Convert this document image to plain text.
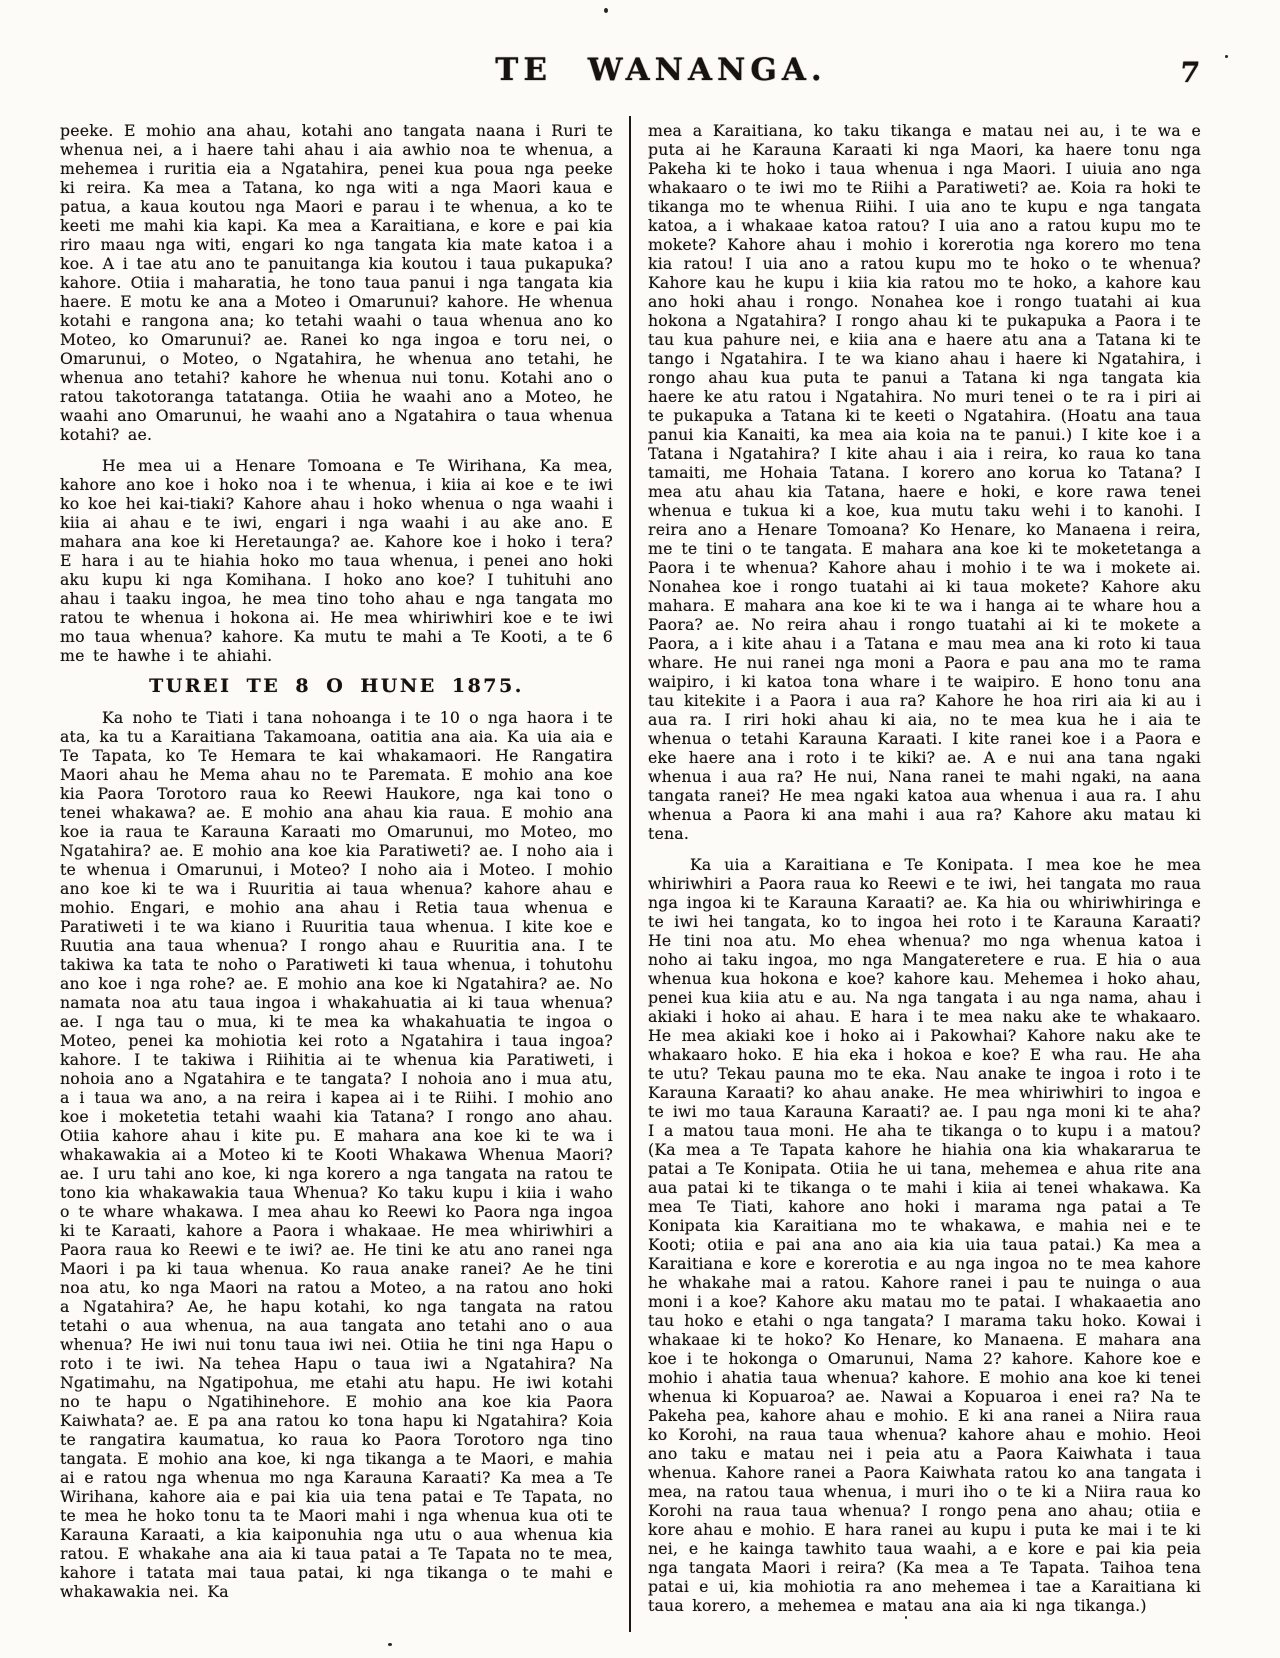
TE WANANGA.	7

peeke. E mohio ana ahau, kotahi ano tangata naana i Ruri te whenua nei, a i haere tahi ahau i aia awhio noa te whenua, a mehemea i ruritia eia a Ngatahira, penei kua poua nga peeke ki reira. Ka mea a Tatana, ko nga witi a nga Maori kaua e patua, a kaua koutou nga Maori e parau i te whenua, a ko te keeti me mahi kia kapi. Ka mea a Karaitiana, e kore e pai kia riro maau nga witi, engari ko nga tangata kia mate katoa i a koe. A i tae atu ano te panuitanga kia koutou i taua pukapuka? kahore. Otiia i maharatia, he tono taua panui i nga tangata kia haere. E motu ke ana a Moteo i Omarunui? kahore. He whenua kotahi e rangona ana; ko tetahi waahi o taua whenua ano ko Moteo, ko Omarunui? ae. Ranei ko nga ingoa e toru nei, o Omarunui, o Moteo, o Ngatahira, he whenua ano tetahi, he whenua ano tetahi? kahore he whenua nui tonu. Kotahi ano o ratou takotoranga tatatanga. Otiia he waahi ano a Moteo, he waahi ano Omarunui, he waahi ano a Ngatahira o taua whenua kotahi? ae.

He mea ui a Henare Tomoana e Te Wirihana, Ka mea, kahore ano koe i hoko noa i te whenua, i kiia ai koe e te iwi ko koe hei kai-tiaki? Kahore ahau i hoko whenua o nga waahi i kiia ai ahau e te iwi, engari i nga waahi i au ake ano. E mahara ana koe ki Heretaunga? ae. Kahore koe i hoko i tera? E hara i au te hiahia hoko mo taua whenua, i penei ano hoki aku kupu ki nga Komihana. I hoko ano koe? I tuhituhi ano ahau i taaku ingoa, he mea tino toho ahau e nga tangata mo ratou te whenua i hokona ai. He mea whiriwhiri koe e te iwi mo taua whenua? kahore. Ka mutu te mahi a Te Kooti, a te 6 me te hawhe i te ahiahi.

TUREI TE 8 O HUNE 1875.

Ka noho te Tiati i tana nohoanga i te 10 o nga haora i te ata, ka tu a Karaitiana Takamoana, oatitia ana aia. Ka uia aia e Te Tapata, ko Te Hemara te kai whakamaori. He Rangatira Maori ahau he Mema ahau no te Paremata. E mohio ana koe kia Paora Torotoro raua ko Reewi Haukore, nga kai tono o tenei whakawa? ae. E mohio ana ahau kia raua. E mohio ana koe ia raua te Karauna Karaati mo Omarunui, mo Moteo, mo Ngatahira? ae. E mohio ana koe kia Paratiweti? ae. I noho aia i te whenua i Omarunui, i Moteo? I noho aia i Moteo. I mohio ano koe ki te wa i Ruuritia ai taua whenua? kahore ahau e mohio. Engari, e mohio ana ahau i Retia taua whenua e Paratiweti i te wa kiano i Ruuritia taua whenua. I kite koe e Ruutia ana taua whenua? I rongo ahau e Ruuritia ana. I te takiwa ka tata te noho o Paratiweti ki taua whenua, i tohutohu ano koe i nga rohe? ae. E mohio ana koe ki Ngatahira? ae. No namata noa atu taua ingoa i whakahuatia ai ki taua whenua? ae. I nga tau o mua, ki te mea ka whakahuatia te ingoa o Moteo, penei ka mohiotia kei roto a Ngatahira i taua ingoa? kahore. I te takiwa i Riihitia ai te whenua kia Paratiweti, i nohoia ano a Ngatahira e te tangata? I nohoia ano i mua atu, a i taua wa ano, a na reira i kapea ai i te Riihi. I mohio ano koe i moketetia tetahi waahi kia Tatana? I rongo ano ahau. Otiia kahore ahau i kite pu. E mahara ana koe ki te wa i whakawakia ai a Moteo ki te Kooti Whakawa Whenua Maori? ae. I uru tahi ano koe, ki nga korero a nga tangata na ratou te tono kia whakawakia taua Whenua? Ko taku kupu i kiia i waho o te whare whakawa. I mea ahau ko Reewi ko Paora nga ingoa ki te Karaati, kahore a Paora i whakaae. He mea whiriwhiri a Paora raua ko Reewi e te iwi? ae. He tini ke atu ano ranei nga Maori i pa ki taua whenua. Ko raua anake ranei? Ae he tini noa atu, ko nga Maori na ratou a Moteo, a na ratou ano hoki a Ngatahira? Ae, he hapu kotahi, ko nga tangata na ratou tetahi o aua whenua, na aua tangata ano tetahi ano o aua whenua? He iwi nui tonu taua iwi nei. Otiia he tini nga Hapu o roto i te iwi. Na tehea Hapu o taua iwi a Ngatahira? Na Ngatimahu, na Ngatipohua, me etahi atu hapu. He iwi kotahi no te hapu o Ngatihinehore. E mohio ana koe kia Paora Kaiwhata? ae. E pa ana ratou ko tona hapu ki Ngatahira? Koia te rangatira kaumatua, ko raua ko Paora Torotoro nga tino tangata. E mohio ana koe, ki nga tikanga a te Maori, e mahia ai e ratou nga whenua mo nga Karauna Karaati? Ka mea a Te Wirihana, kahore aia e pai kia uia tena patai e Te Tapata, no te mea he hoko tonu ta te Maori mahi i nga whenua kua oti te Karauna Karaati, a kia kaiponuhia nga utu o aua whenua kia ratou. E whakahe ana aia ki taua patai a Te Tapata no te mea, kahore i tatata mai taua patai, ki nga tikanga o te mahi e whakawakia nei. Ka

mea a Karaitiana, ko taku tikanga e matau nei au, i te wa e puta ai he Karauna Karaati ki nga Maori, ka haere tonu nga Pakeha ki te hoko i taua whenua i nga Maori. I uiuia ano nga whakaaro o te iwi mo te Riihi a Paratiweti? ae. Koia ra hoki te tikanga mo te whenua Riihi. I uia ano te kupu e nga tangata katoa, a i whakaae katoa ratou? I uia ano a ratou kupu mo te mokete? Kahore ahau i mohio i korerotia nga korero mo tena kia ratou! I uia ano a ratou kupu mo te hoko o te whenua? Kahore kau he kupu i kiia kia ratou mo te hoko, a kahore kau ano hoki ahau i rongo. Nonahea koe i rongo tuatahi ai kua hokona a Ngatahira? I rongo ahau ki te pukapuka a Paora i te tau kua pahure nei, e kiia ana e haere atu ana a Tatana ki te tango i Ngatahira. I te wa kiano ahau i haere ki Ngatahira, i rongo ahau kua puta te panui a Tatana ki nga tangata kia haere ke atu ratou i Ngatahira. No muri tenei o te ra i piri ai te pukapuka a Tatana ki te keeti o Ngatahira. (Hoatu ana taua panui kia Kanaiti, ka mea aia koia na te panui.) I kite koe i a Tatana i Ngatahira? I kite ahau i aia i reira, ko raua ko tana tamaiti, me Hohaia Tatana. I korero ano korua ko Tatana? I mea atu ahau kia Tatana, haere e hoki, e kore rawa tenei whenua e tukua ki a koe, kua mutu taku wehi i to kanohi. I reira ano a Henare Tomoana? Ko Henare, ko Manaena i reira, me te tini o te tangata. E mahara ana koe ki te moketetanga a Paora i te whenua? Kahore ahau i mohio i te wa i mokete ai. Nonahea koe i rongo tuatahi ai ki taua mokete? Kahore aku mahara. E mahara ana koe ki te wa i hanga ai te whare hou a Paora? ae. No reira ahau i rongo tuatahi ai ki te mokete a Paora, a i kite ahau i a Tatana e mau mea ana ki roto ki taua whare. He nui ranei nga moni a Paora e pau ana mo te rama waipiro, i ki katoa tona whare i te waipiro. E hono tonu ana tau kitekite i a Paora i aua ra? Kahore he hoa riri aia ki au i aua ra. I riri hoki ahau ki aia, no te mea kua he i aia te whenua o tetahi Karauna Karaati. I kite ranei koe i a Paora e eke haere ana i roto i te kiki? ae. A e nui ana tana ngaki whenua i aua ra? He nui, Nana ranei te mahi ngaki, na aana tangata ranei? He mea ngaki katoa aua whenua i aua ra. I ahu whenua a Paora ki ana mahi i aua ra? Kahore aku matau ki tena.

Ka uia a Karaitiana e Te Konipata. I mea koe he mea whiriwhiri a Paora raua ko Reewi e te iwi, hei tangata mo raua nga ingoa ki te Karauna Karaati? ae. Ka hia ou whiriwhiringa e te iwi hei tangata, ko to ingoa hei roto i te Karauna Karaati? He tini noa atu. Mo ehea whenua? mo nga whenua katoa i noho ai taku ingoa, mo nga Mangateretere e rua. E hia o aua whenua kua hokona e koe? kahore kau. Mehemea i hoko ahau, penei kua kiia atu e au. Na nga tangata i au nga nama, ahau i akiaki i hoko ai ahau. E hara i te mea naku ake te whakaaro. He mea akiaki koe i hoko ai i Pakowhai? Kahore naku ake te whakaaro hoko. E hia eka i hokoa e koe? E wha rau. He aha te utu? Tekau pauna mo te eka. Nau anake te ingoa i roto i te Karauna Karaati? ko ahau anake. He mea whiriwhiri to ingoa e te iwi mo taua Karauna Karaati? ae. I pau nga moni ki te aha? I a matou taua moni. He aha te tikanga o to kupu i a matou? (Ka mea a Te Tapata kahore he hiahia ona kia whakararua te patai a Te Konipata. Otiia he ui tana, mehemea e ahua rite ana aua patai ki te tikanga o te mahi i kiia ai tenei whakawa. Ka mea Te Tiati, kahore ano hoki i marama nga patai a Te Konipata kia Karaitiana mo te whakawa, e mahia nei e te Kooti; otiia e pai ana ano aia kia uia taua patai.) Ka mea a Karaitiana e kore e korerotia e au nga ingoa no te mea kahore he whakahe mai a ratou. Kahore ranei i pau te nuinga o aua moni i a koe? Kahore aku matau mo te patai. I whakaaetia ano tau hoko e etahi o nga tangata? I marama taku hoko. Kowai i whakaae ki te hoko? Ko Henare, ko Manaena. E mahara ana koe i te hokonga o Omarunui, Nama 2? kahore. Kahore koe e mohio i ahatia taua whenua? kahore. E mohio ana koe ki tenei whenua ki Kopuaroa? ae. Nawai a Kopuaroa i enei ra? Na te Pakeha pea, kahore ahau e mohio. E ki ana ranei a Niira raua ko Korohi, na raua taua whenua? kahore ahau e mohio. Heoi ano taku e matau nei i peia atu a Paora Kaiwhata i taua whenua. Kahore ranei a Paora Kaiwhata ratou ko ana tangata i mea, na ratou taua whenua, i muri iho o te ki a Niira raua ko Korohi na raua taua whenua? I rongo pena ano ahau; otiia e kore ahau e mohio. E hara ranei au kupu i puta ke mai i te ki nei, e he kainga tawhito taua waahi, a e kore e pai kia peia nga tangata Maori i reira? (Ka mea a Te Tapata. Taihoa tena patai e ui, kia mohiotia ra ano mehemea i tae a Karaitiana ki taua korero, a mehemea e matau ana aia ki nga tikanga.)
